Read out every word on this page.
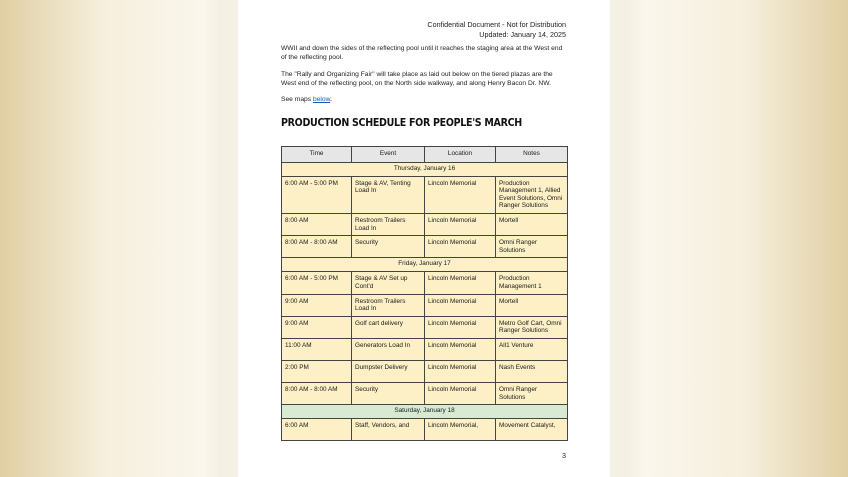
Confidential Document - Not for Distribution
Updated: January 14, 2025

WWII and down the sides of the reflecting pool until it reaches the staging area at the West end of the reflecting pool.

The "Rally and Organizing Fair" will take place as laid out below on the tiered plazas are the West end of the reflecting pool, on the North side walkway, and along Henry Bacon Dr. NW.

See maps below.

PRODUCTION SCHEDULE FOR PEOPLE'S MARCH
Time	Event	Location	Notes
Thursday, January 16			
6:00 AM - 5:00 PM	Stage & AV, Tenting Load In	Lincoln Memorial	Production Management 1, Allied Event Solutions, Omni Ranger Solutions
8:00 AM	Restroom Trailers Load In	Lincoln Memorial	Mortell
8:00 AM - 8:00 AM	Security	Lincoln Memorial	Omni Ranger Solutions
Friday, January 17			
6:00 AM - 5:00 PM	Stage & AV Set up Cont'd	Lincoln Memorial	Production Management 1
9:00 AM	Restroom Trailers Load In	Lincoln Memorial	Mortell
9:00 AM	Golf cart delivery	Lincoln Memorial	Metro Golf Cart, Omni Ranger Solutions
11:00 AM	Generators Load In	Lincoln Memorial	All1 Venture
2:00 PM	Dumpster Delivery	Lincoln Memorial	Nash Events
8:00 AM - 8:00 AM	Security	Lincoln Memorial	Omni Ranger Solutions
Saturday, January 18			
6:00 AM	Staff, Vendors, and	Lincoln Memorial,	Movement Catalyst,
3
